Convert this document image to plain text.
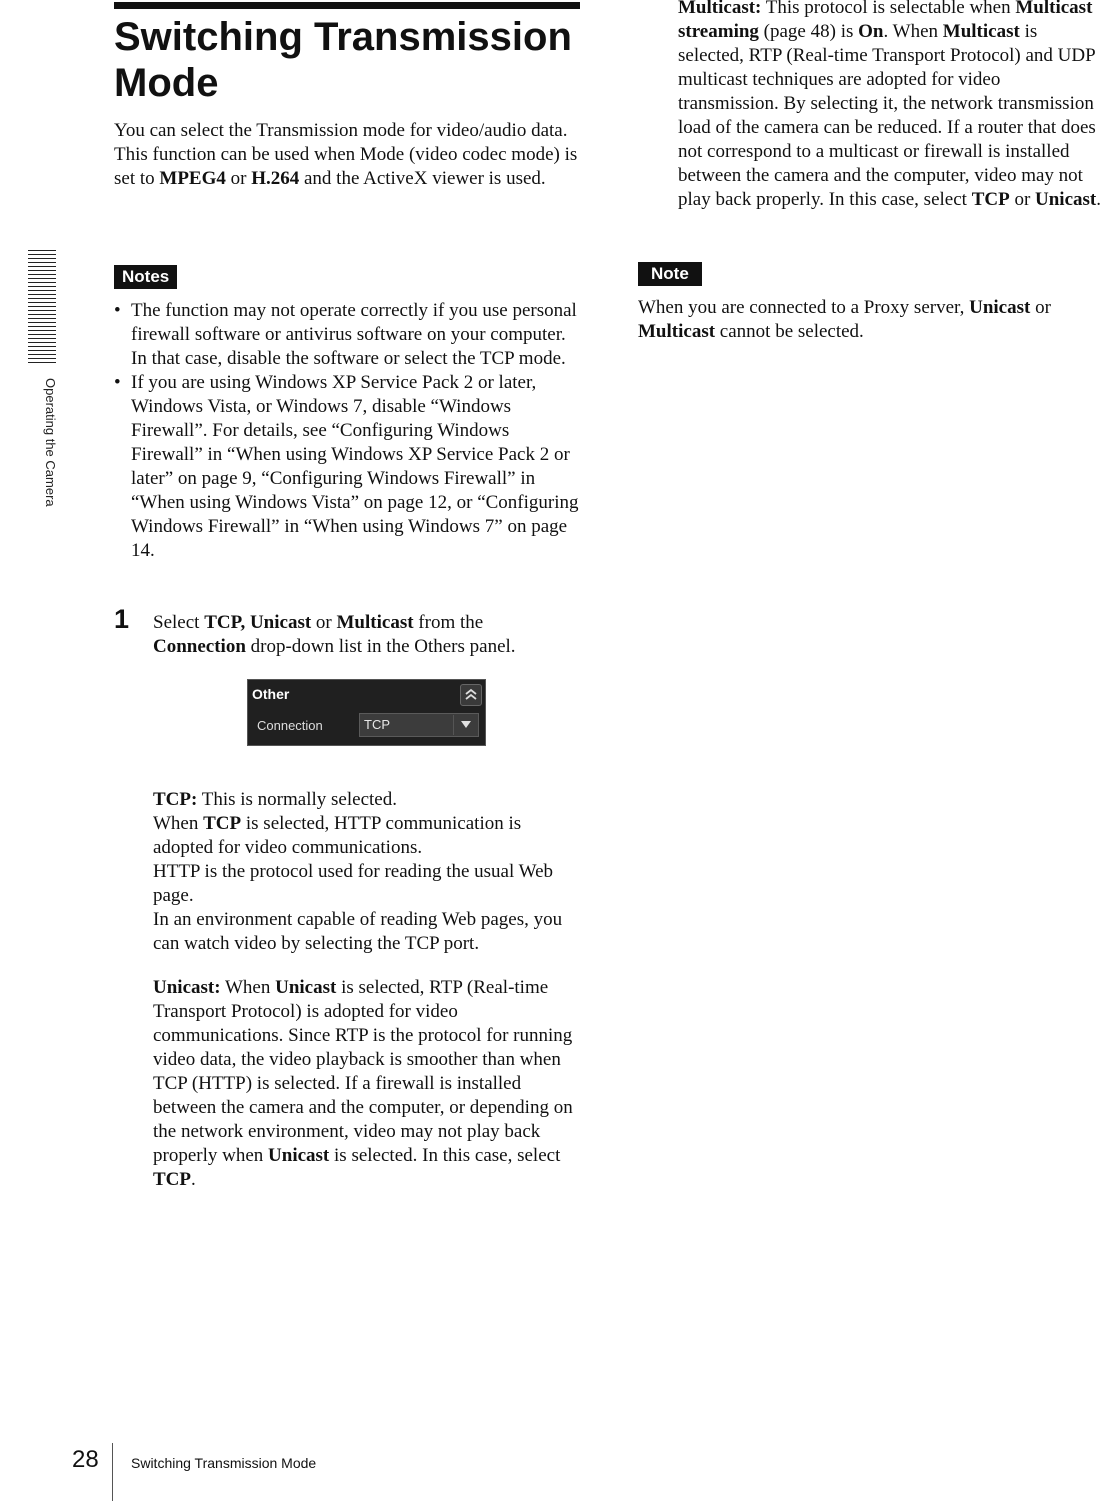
Operating the Camera
Switching Transmission Mode
You can select the Transmission mode for video/audio data.
This function can be used when Mode (video codec mode) is set to MPEG4 or H.264 and the ActiveX viewer is used.
Notes
• The function may not operate correctly if you use personal firewall software or antivirus software on your computer. In that case, disable the software or select the TCP mode.
• If you are using Windows XP Service Pack 2 or later, Windows Vista, or Windows 7, disable “Windows Firewall”. For details, see “Configuring Windows Firewall” in “When using Windows XP Service Pack 2 or later” on page 9, “Configuring Windows Firewall” in “When using Windows Vista” on page 12, or “Configuring Windows Firewall” in “When using Windows 7” on page 14.
1 Select TCP, Unicast or Multicast from the Connection drop-down list in the Others panel.
Other
Connection	TCP
TCP: This is normally selected.
When TCP is selected, HTTP communication is adopted for video communications.
HTTP is the protocol used for reading the usual Web page.
In an environment capable of reading Web pages, you can watch video by selecting the TCP port.
Unicast: When Unicast is selected, RTP (Real-time Transport Protocol) is adopted for video communications. Since RTP is the protocol for running video data, the video playback is smoother than when TCP (HTTP) is selected. If a firewall is installed between the camera and the computer, or depending on the network environment, video may not play back properly when Unicast is selected. In this case, select TCP.
Multicast: This protocol is selectable when Multicast streaming (page 48) is On. When Multicast is selected, RTP (Real-time Transport Protocol) and UDP multicast techniques are adopted for video transmission. By selecting it, the network transmission load of the camera can be reduced. If a router that does not correspond to a multicast or firewall is installed between the camera and the computer, video may not play back properly. In this case, select TCP or Unicast.
Note
When you are connected to a Proxy server, Unicast or Multicast cannot be selected.
28 Switching Transmission Mode
